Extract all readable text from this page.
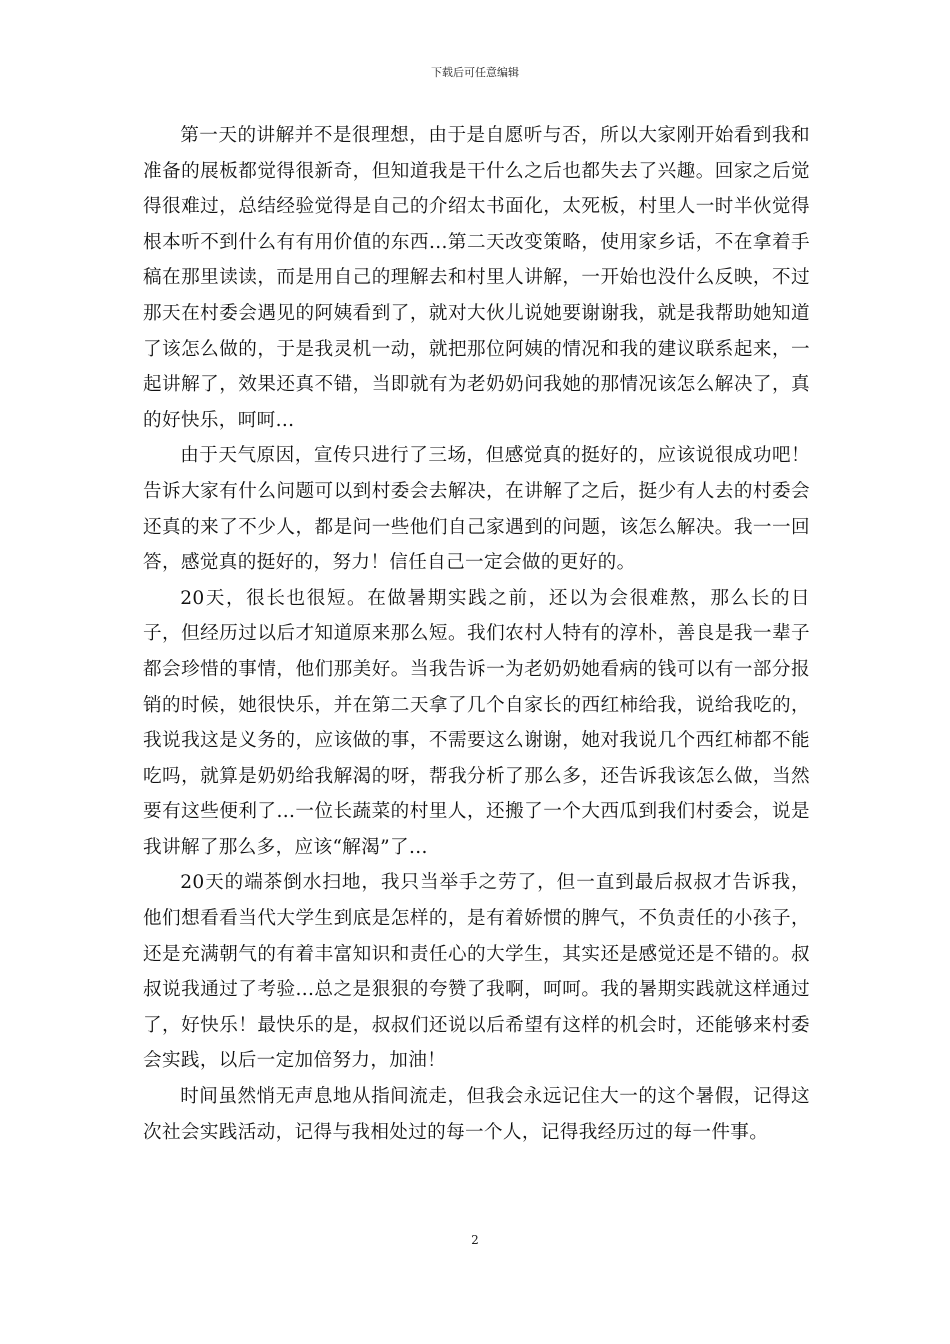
下载后可任意编辑

第一天的讲解并不是很理想，由于是自愿听与否，所以大家刚开始看到我和准备的展板都觉得很新奇，但知道我是干什么之后也都失去了兴趣。回家之后觉得很难过，总结经验觉得是自己的介绍太书面化，太死板，村里人一时半伙觉得根本听不到什么有有用价值的东西...第二天改变策略，使用家乡话，不在拿着手稿在那里读读，而是用自己的理解去和村里人讲解，一开始也没什么反映，不过那天在村委会遇见的阿姨看到了，就对大伙儿说她要谢谢我，就是我帮助她知道了该怎么做的，于是我灵机一动，就把那位阿姨的情况和我的建议联系起来，一起讲解了，效果还真不错，当即就有为老奶奶问我她的那情况该怎么解决了，真的好快乐，呵呵...

由于天气原因，宣传只进行了三场，但感觉真的挺好的，应该说很成功吧！告诉大家有什么问题可以到村委会去解决，在讲解了之后，挺少有人去的村委会还真的来了不少人，都是问一些他们自己家遇到的问题，该怎么解决。我一一回答，感觉真的挺好的，努力！信任自己一定会做的更好的。

20天，很长也很短。在做暑期实践之前，还以为会很难熬，那么长的日子，但经历过以后才知道原来那么短。我们农村人特有的淳朴，善良是我一辈子都会珍惜的事情，他们那美好。当我告诉一为老奶奶她看病的钱可以有一部分报销的时候，她很快乐，并在第二天拿了几个自家长的西红柿给我，说给我吃的，我说我这是义务的，应该做的事，不需要这么谢谢，她对我说几个西红柿都不能吃吗，就算是奶奶给我解渴的呀，帮我分析了那么多，还告诉我该怎么做，当然要有这些便利了...一位长蔬菜的村里人，还搬了一个大西瓜到我们村委会，说是我讲解了那么多，应该“解渴”了...

20天的端茶倒水扫地，我只当举手之劳了，但一直到最后叔叔才告诉我，他们想看看当代大学生到底是怎样的，是有着娇惯的脾气，不负责任的小孩子，还是充满朝气的有着丰富知识和责任心的大学生，其实还是感觉还是不错的。叔叔说我通过了考验...总之是狠狠的夸赞了我啊，呵呵。我的暑期实践就这样通过了，好快乐！最快乐的是，叔叔们还说以后希望有这样的机会时，还能够来村委会实践，以后一定加倍努力，加油！

时间虽然悄无声息地从指间流走，但我会永远记住大一的这个暑假，记得这次社会实践活动，记得与我相处过的每一个人，记得我经历过的每一件事。

2
